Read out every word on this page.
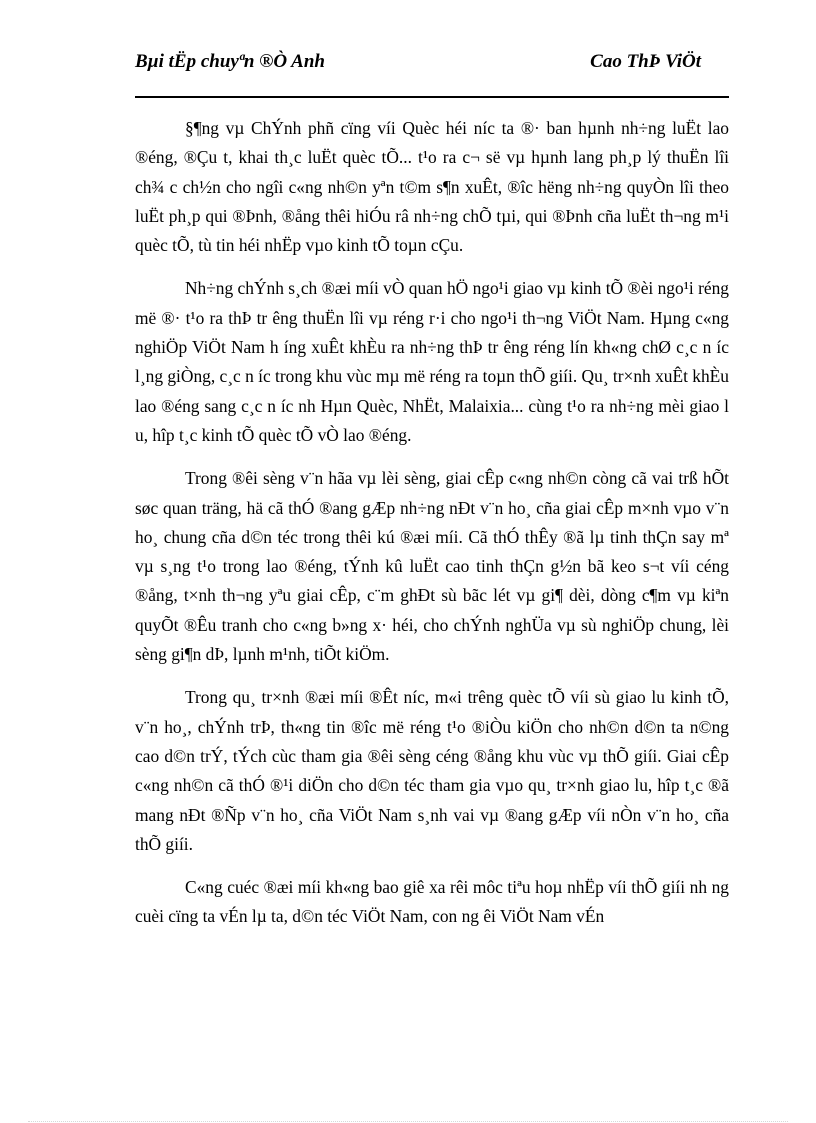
Bµi tËp chuyªn ®Ò Anh	Cao ThÞ ViÖt

§¶ng vµ ChÝnh phñ cïng víi Quèc héi níc ta ®· ban hµnh nh÷ng luËt lao ®éng, ®Çu t, khai th¸c luËt quèc tÕ... t¹o ra c¬ së vµ hµnh lang ph¸p lý thuËn lîi ch¾ c ch½n cho ngîi c«ng nh©n yªn t©m s¶n xuÊt, ®îc hëng nh÷ng quyÒn lîi theo luËt ph¸p qui ®Þnh, ®ång thêi hiÓu râ nh÷ng chÕ tµi, qui ®Þnh cña luËt th¬ng m¹i quèc tÕ, tù tin héi nhËp vµo kinh tÕ toµn cÇu.

Nh÷ng chÝnh s¸ch ®æi míi vÒ quan hÖ ngo¹i giao vµ kinh tÕ ®èi ngo¹i réng më ®· t¹o ra thÞ tr êng thuËn lîi vµ réng r·i cho ngo¹i th¬ng ViÖt Nam. Hµng c«ng nghiÖp ViÖt Nam h íng xuÊt khÈu ra nh÷ng thÞ tr êng réng lín kh«ng chØ c¸c n íc l¸ng giÒng, c¸c n íc trong khu vùc mµ më réng ra toµn thÕ giíi. Qu¸ tr×nh xuÊt khÈu lao ®éng sang c¸c n íc nh Hµn Quèc, NhËt, Malaixia... cùng t¹o ra nh÷ng mèi giao l u, hîp t¸c kinh tÕ quèc tÕ vÒ lao ®éng.

Trong ®êi sèng v¨n hãa vµ lèi sèng, giai cÊp c«ng nh©n còng cã vai trß hÕt søc quan träng, hä cã thÓ ®ang gÆp nh÷ng nÐt v¨n ho¸ cña giai cÊp m×nh vµo v¨n ho¸ chung cña d©n téc trong thêi kú ®æi míi. Cã thÓ thÊy ®ã lµ tinh thÇn say mª vµ s¸ng t¹o trong lao ®éng, tÝnh kû luËt cao tinh thÇn g½n bã keo s¬t víi céng ®ång, t×nh th¬ng yªu giai cÊp, c¨m ghÐt sù bãc lét vµ gi¶ dèi, dòng c¶m vµ kiªn quyÕt ®Êu tranh cho c«ng b»ng x· héi, cho chÝnh nghÜa vµ sù nghiÖp chung, lèi sèng gi¶n dÞ, lµnh m¹nh, tiÕt kiÖm.

Trong qu¸ tr×nh ®æi míi ®Êt níc, m«i trêng quèc tÕ víi sù giao lu kinh tÕ, v¨n ho¸, chÝnh trÞ, th«ng tin ®îc më réng t¹o ®iÒu kiÖn cho nh©n d©n ta n©ng cao d©n trÝ, tÝch cùc tham gia ®êi sèng céng ®ång khu vùc vµ thÕ giíi. Giai cÊp c«ng nh©n cã thÓ ®¹i diÖn cho d©n téc tham gia vµo qu¸ tr×nh giao lu, hîp t¸c ®ã mang nÐt ®Ñp v¨n ho¸ cña ViÖt Nam s¸nh vai vµ ®ang gÆp víi nÒn v¨n ho¸ cña thÕ giíi.

C«ng cuéc ®æi míi kh«ng bao giê xa rêi môc tiªu hoµ nhËp víi thÕ giíi nh ng cuèi cïng ta vÉn lµ ta, d©n téc ViÖt Nam, con ng êi ViÖt Nam vÉn
